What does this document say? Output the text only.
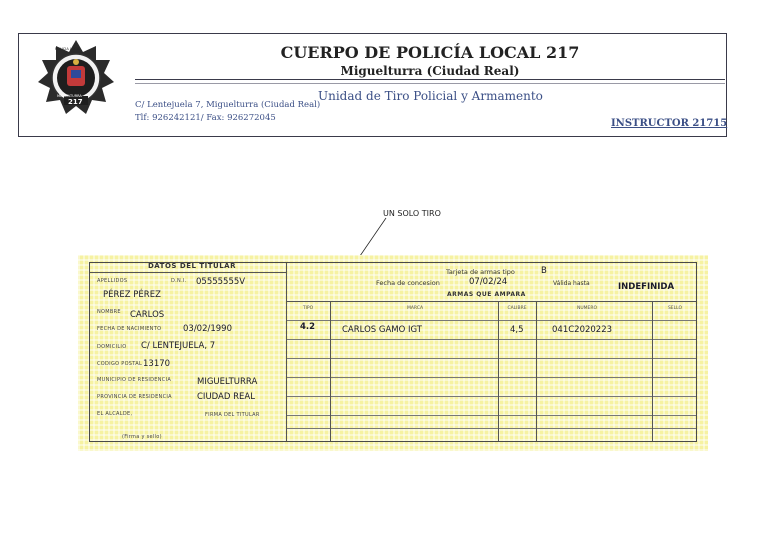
POLICIA LOCAL
MIGUELTURRA
217
CUERPO DE POLICÍA LOCAL 217
Miguelturra (Ciudad Real)
Unidad de Tiro Policial y Armamento
C/ Lentejuela 7, Miguelturra (Ciudad Real)
Tlf: 926242121/ Fax: 926272045	INSTRUCTOR 21715
UN SOLO TIRO
DATOS DEL TITULAR
APELLIDOS	D.N.I. 05555555V
PÉREZ PÉREZ
NOMBRE CARLOS
FECHA DE NACIMIENTO	03/02/1990
DOMICILIO C/ LENTEJUELA, 7
CODIGO POSTAL 13170
MUNICIPIO DE RESIDENCIA	MIGUELTURRA
PROVINCIA DE RESIDENCIA	CIUDAD REAL
EL ALCALDE,	FIRMA DEL TITULAR
(Firma y sello)
Tarjeta de armas tipo	B
Fecha de concesion	07/02/24	Válida hasta	INDEFINIDA
ARMAS QUE AMPARA
TIPO	MARCA	CALIBRE	NUMERO	SELLO
4.2	CARLOS GAMO IGT	4,5	041C2020223
